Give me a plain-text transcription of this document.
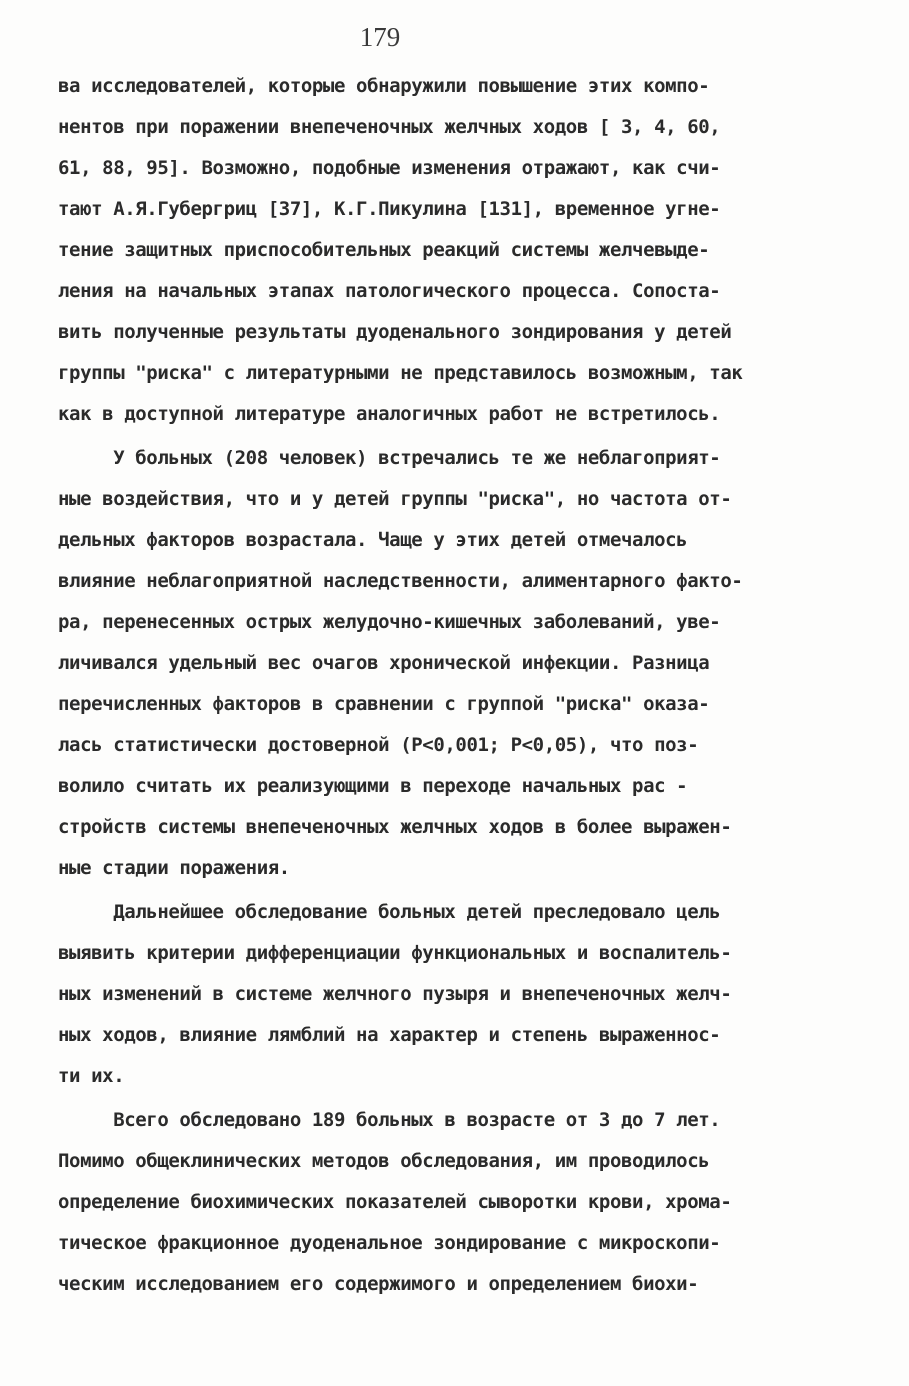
179
ва исследователей, которые обнаружили повышение этих компо-
нентов при поражении внепеченочных желчных ходов [ 3, 4, 60,
61, 88, 95]. Возможно, подобные изменения отражают, как счи-
тают А.Я.Губергриц [37], К.Г.Пикулина [131], временное угне-
тение защитных приспособительных реакций системы желчевыде-
ления на начальных этапах патологического процесса. Сопоста-
вить полученные результаты дуоденального зондирования у детей
группы "риска" с литературными не представилось возможным, так
как в доступной литературе аналогичных работ не встретилось.
У больных (208 человек) встречались те же неблагоприят-
ные воздействия, что и у детей группы "риска", но частота от-
дельных факторов возрастала. Чаще у этих детей отмечалось
влияние неблагоприятной наследственности, алиментарного факто-
ра, перенесенных острых желудочно-кишечных заболеваний, уве-
личивался удельный вес очагов хронической инфекции. Разница
перечисленных факторов в сравнении с группой "риска" оказа-
лась статистически достоверной (P<0,001; P<0,05), что поз-
волило считать их реализующими в переходе начальных рас -
стройств системы внепеченочных желчных ходов в более выражен-
ные стадии поражения.
Дальнейшее обследование больных детей преследовало цель
выявить критерии дифференциации функциональных и воспалитель-
ных изменений в системе желчного пузыря и внепеченочных желч-
ных ходов, влияние лямблий на характер и степень выраженнос-
ти их.
Всего обследовано 189 больных в возрасте от 3 до 7 лет.
Помимо общеклинических методов обследования, им проводилось
определение биохимических показателей сыворотки крови, хрома-
тическое фракционное дуоденальное зондирование с микроскопи-
ческим исследованием его содержимого и определением биохи-
